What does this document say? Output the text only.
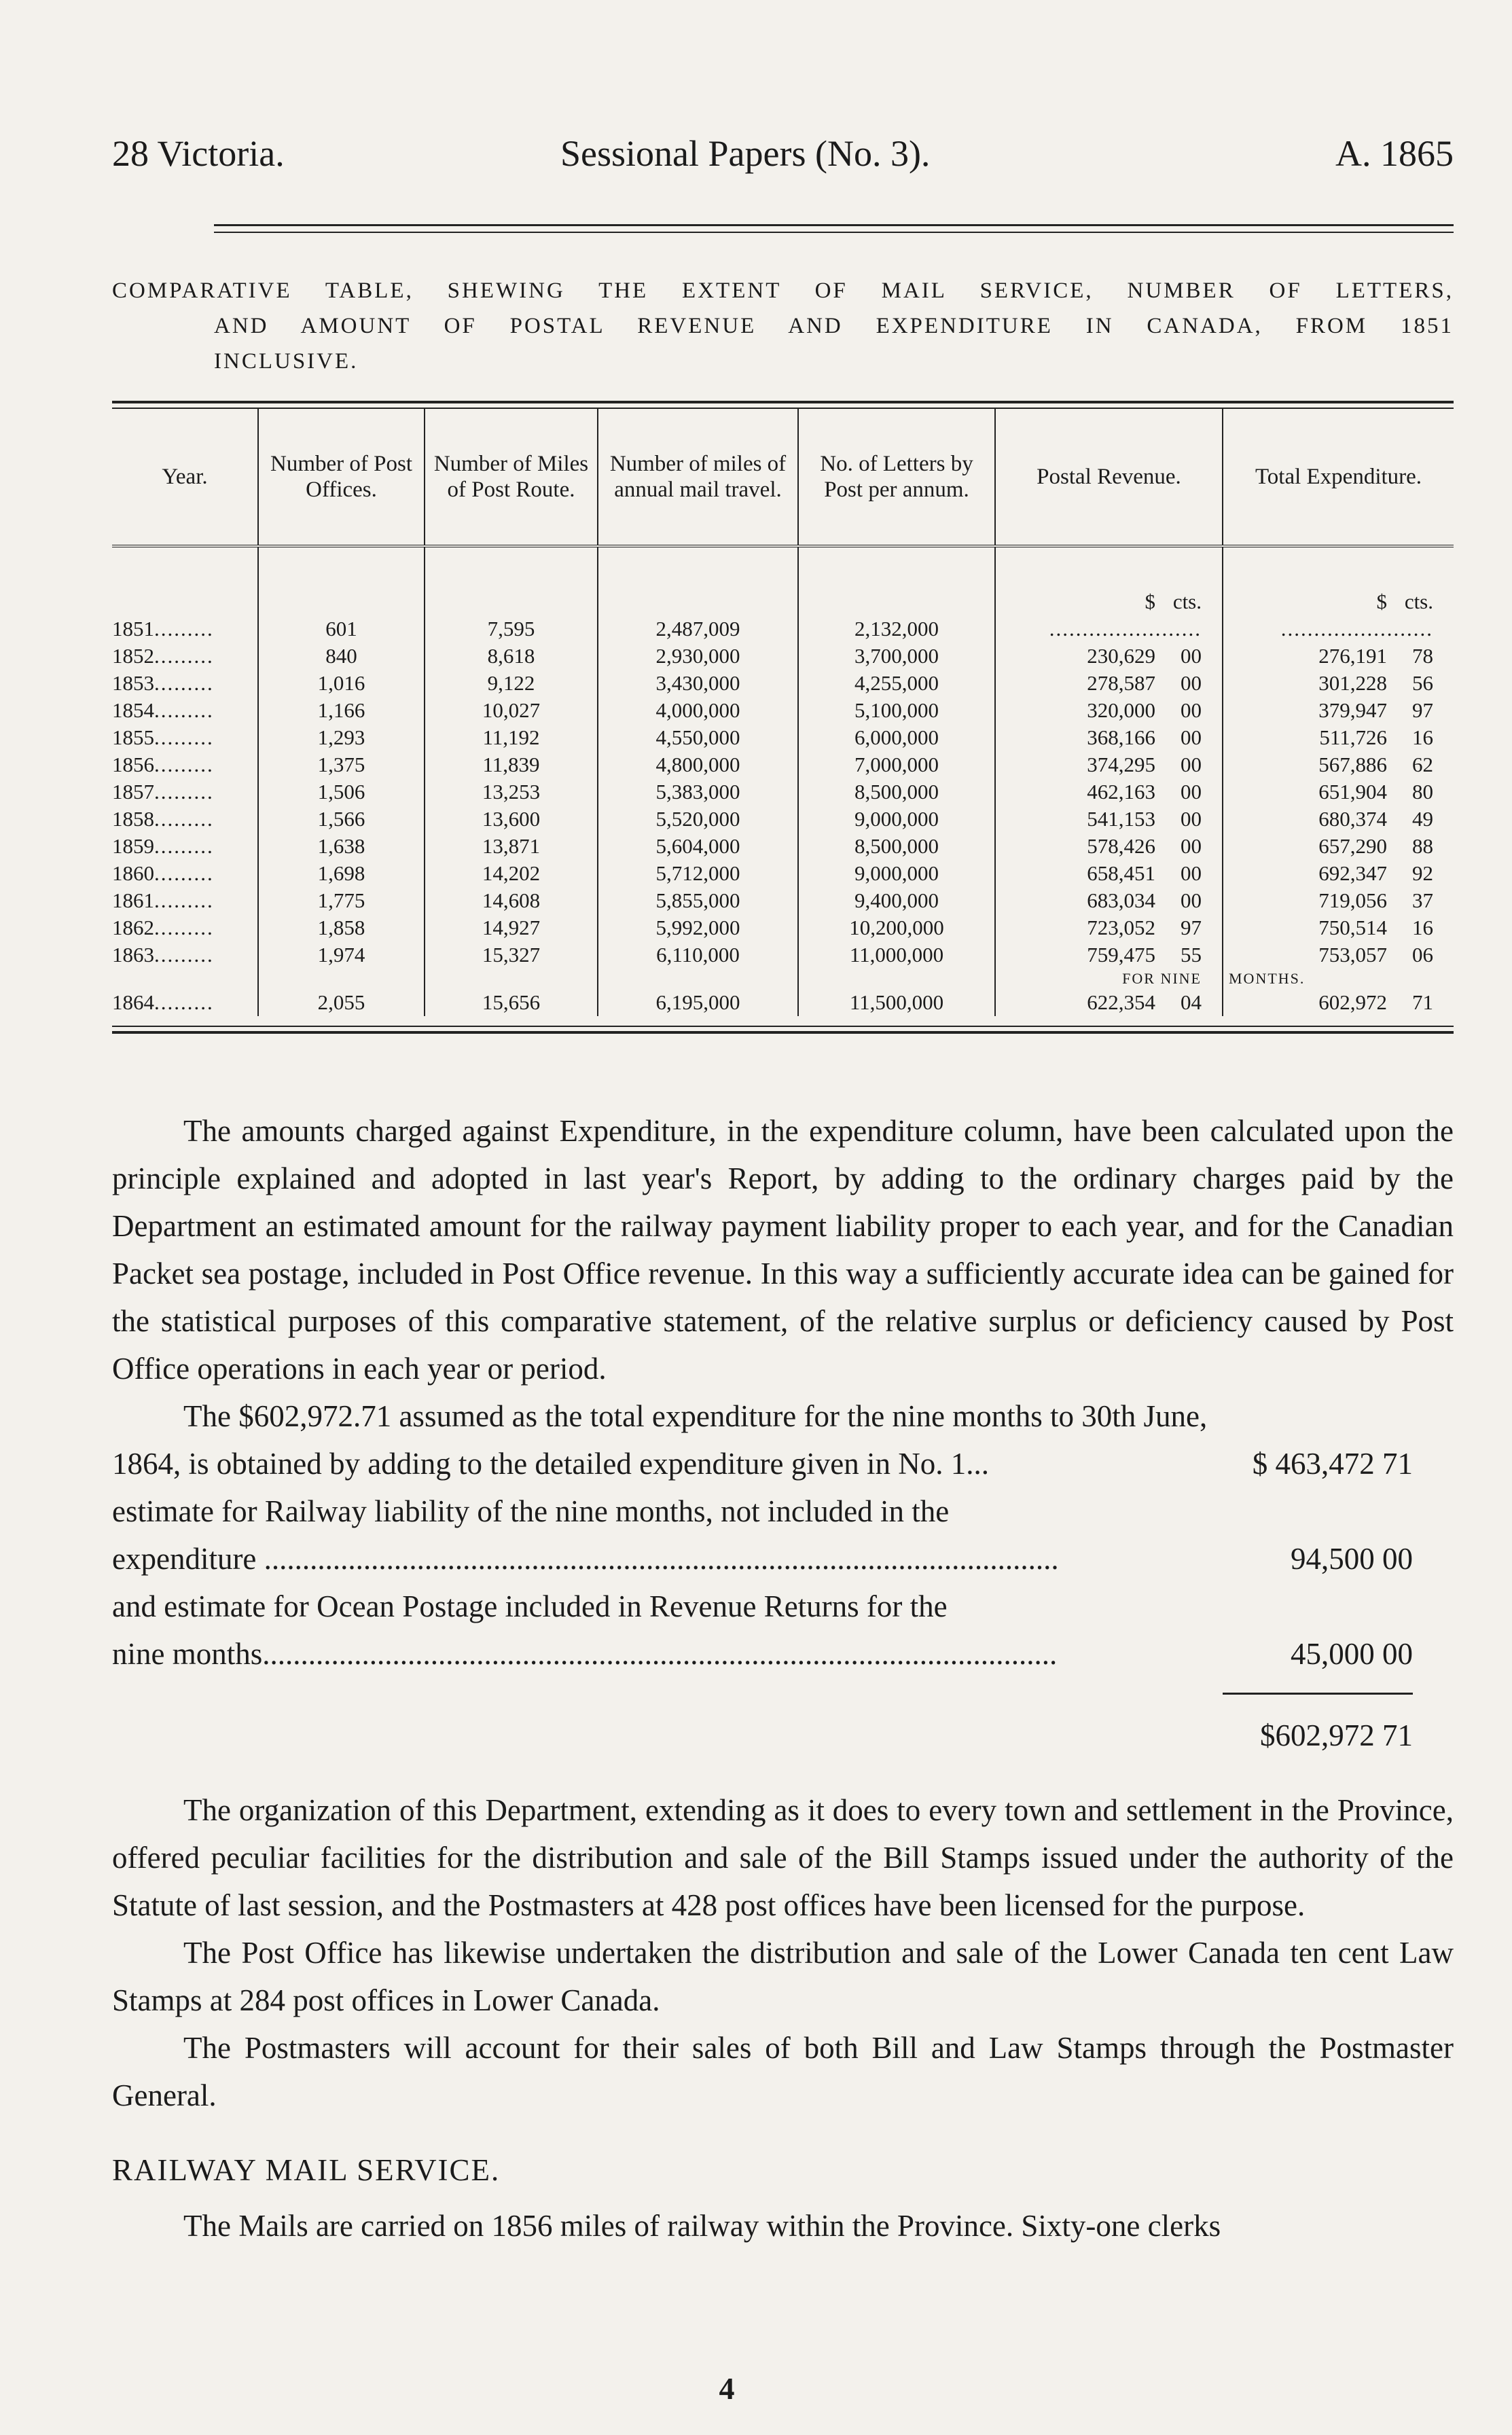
28 Victoria.	Sessional Papers (No. 3).	A. 1865
COMPARATIVE TABLE, SHEWING THE EXTENT OF MAIL SERVICE, NUMBER OF LETTERS,
AND AMOUNT OF POSTAL REVENUE AND EXPENDITURE IN CANADA, FROM 1851
INCLUSIVE.
Year.	Number of Post Offices.	Number of Miles of Post Route.	Number of miles of annual mail travel.	No. of Letters by Post per annum.	Postal Revenue.	Total Expenditure.
					$ cts.	$ cts.
1851.........	601	7,595	2,487,009	2,132,000	.......................	.......................
1852.........	840	8,618	2,930,000	3,700,000	230,629 00	276,191 78
1853.........	1,016	9,122	3,430,000	4,255,000	278,587 00	301,228 56
1854.........	1,166	10,027	4,000,000	5,100,000	320,000 00	379,947 97
1855.........	1,293	11,192	4,550,000	6,000,000	368,166 00	511,726 16
1856.........	1,375	11,839	4,800,000	7,000,000	374,295 00	567,886 62
1857.........	1,506	13,253	5,383,000	8,500,000	462,163 00	651,904 80
1858.........	1,566	13,600	5,520,000	9,000,000	541,153 00	680,374 49
1859.........	1,638	13,871	5,604,000	8,500,000	578,426 00	657,290 88
1860.........	1,698	14,202	5,712,000	9,000,000	658,451 00	692,347 92
1861.........	1,775	14,608	5,855,000	9,400,000	683,034 00	719,056 37
1862.........	1,858	14,927	5,992,000	10,200,000	723,052 97	750,514 16
1863.........	1,974	15,327	6,110,000	11,000,000	759,475 55	753,057 06
					FOR NINE	MONTHS.
1864.........	2,055	15,656	6,195,000	11,500,000	622,354 04	602,972 71

The amounts charged against Expenditure, in the expenditure column, have been calculated upon the principle explained and adopted in last year's Report, by adding to the ordinary charges paid by the Department an estimated amount for the railway payment liability proper to each year, and for the Canadian Packet sea postage, included in Post Office revenue. In this way a sufficiently accurate idea can be gained for the statistical purposes of this comparative statement, of the relative surplus or deficiency caused by Post Office operations in each year or period.

The $602,972.71 assumed as the total expenditure for the nine months to 30th June,

1864, is obtained by adding to the detailed expenditure given in No. 1...	$ 463,472 71
estimate for Railway liability of the nine months, not included in the
expenditure ........................................................................................................	94,500 00
and estimate for Ocean Postage included in Revenue Returns for the
nine months........................................................................................................	45,000 00
$602,972 71

The organization of this Department, extending as it does to every town and settlement in the Province, offered peculiar facilities for the distribution and sale of the Bill Stamps issued under the authority of the Statute of last session, and the Postmasters at 428 post offices have been licensed for the purpose.

The Post Office has likewise undertaken the distribution and sale of the Lower Canada ten cent Law Stamps at 284 post offices in Lower Canada.

The Postmasters will account for their sales of both Bill and Law Stamps through the Postmaster General.

RAILWAY MAIL SERVICE.

The Mails are carried on 1856 miles of railway within the Province. Sixty-one clerks

4
